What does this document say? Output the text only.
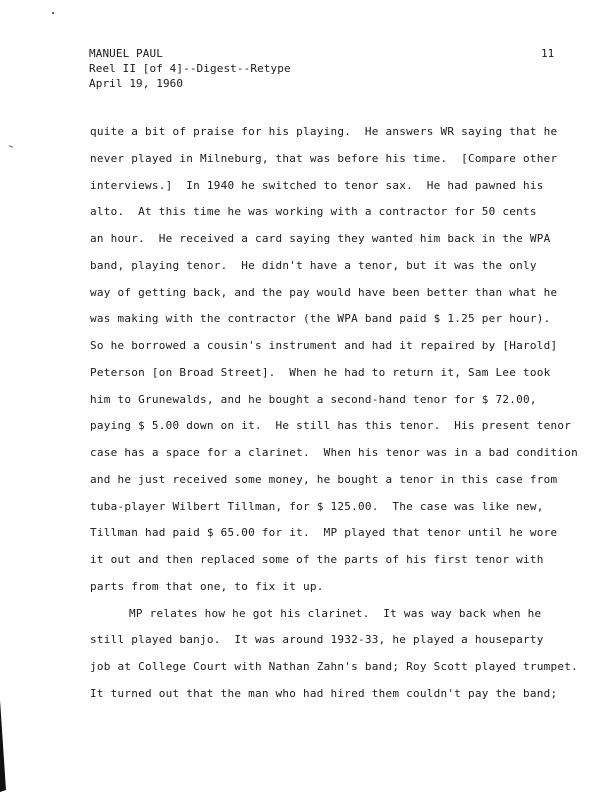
MANUEL PAUL
Reel II [of 4]--Digest--Retype
April 19, 1960
11
quite a bit of praise for his playing.  He answers WR saying that he
never played in Milneburg, that was before his time.  [Compare other
interviews.]  In 1940 he switched to tenor sax.  He had pawned his
alto.  At this time he was working with a contractor for 50 cents
an hour.  He received a card saying they wanted him back in the WPA
band, playing tenor.  He didn't have a tenor, but it was the only
way of getting back, and the pay would have been better than what he
was making with the contractor (the WPA band paid $ 1.25 per hour).
So he borrowed a cousin's instrument and had it repaired by [Harold]
Peterson [on Broad Street].  When he had to return it, Sam Lee took
him to Grunewalds, and he bought a second-hand tenor for $ 72.00,
paying $ 5.00 down on it.  He still has this tenor.  His present tenor
case has a space for a clarinet.  When his tenor was in a bad condition
and he just received some money, he bought a tenor in this case from
tuba-player Wilbert Tillman, for $ 125.00.  The case was like new,
Tillman had paid $ 65.00 for it.  MP played that tenor until he wore
it out and then replaced some of the parts of his first tenor with
parts from that one, to fix it up.
MP relates how he got his clarinet.  It was way back when he
still played banjo.  It was around 1932-33, he played a houseparty
job at College Court with Nathan Zahn's band; Roy Scott played trumpet.
It turned out that the man who had hired them couldn't pay the band;
